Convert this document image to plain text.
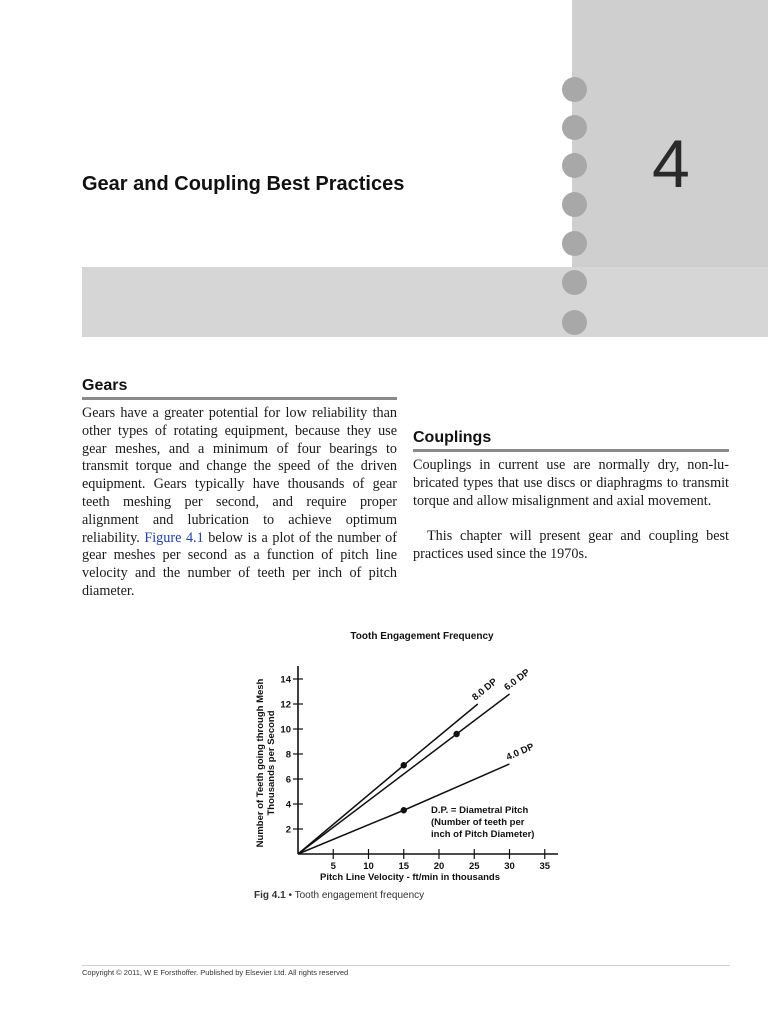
4
Gear and Coupling Best Practices
Gears

Gears have a greater potential for low reliability than other types of rotating equipment, because they use gear meshes, and a minimum of four bearings to transmit torque and change the speed of the driven equipment. Gears typically have thousands of gear teeth meshing per second, and require proper alignment and lubrication to achieve optimum reliability. Figure 4.1 below is a plot of the number of gear meshes per second as a function of pitch line velocity and the number of teeth per inch of pitch diameter.

Couplings

Couplings in current use are normally dry, non-lubricated types that use discs or diaphragms to transmit torque and allow misalignment and axial movement.

This chapter will present gear and coupling best practices used since the 1970s.

Tooth Engagement Frequency
Number of Teeth going through Mesh Thousands per Second
2
4
6
8
10
12
14
5	10	15	20	25	30	35
8.0 DP 6.0 DP
4.0 DP
D.P. = Diametral Pitch
(Number of teeth per
inch of Pitch Diameter)
Pitch Line Velocity - ft/min in thousands
Fig 4.1 • Tooth engagement frequency
Copyright © 2011, W E Forsthoffer. Published by Elsevier Ltd. All rights reserved
